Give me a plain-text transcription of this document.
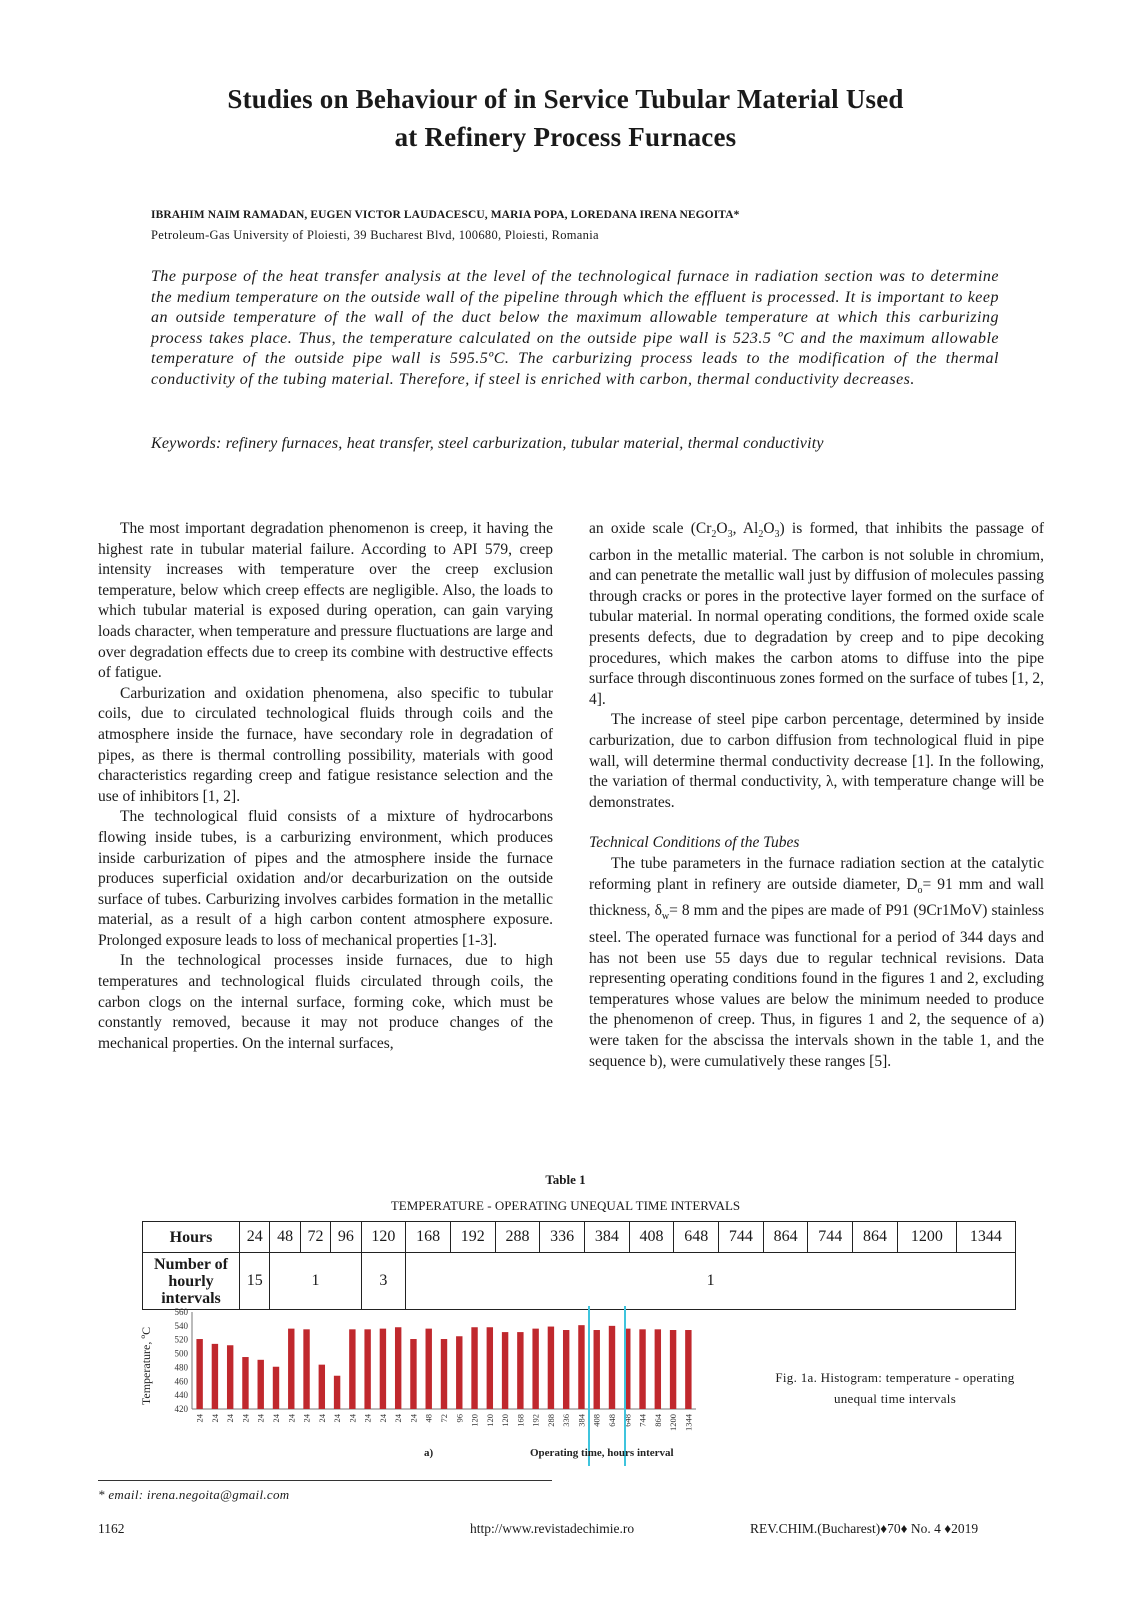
Studies on Behaviour of in Service Tubular Material Used
at Refinery Process Furnaces
IBRAHIM NAIM RAMADAN, EUGEN VICTOR LAUDACESCU, MARIA POPA, LOREDANA IRENA NEGOITA*
Petroleum-Gas University of Ploiesti, 39 Bucharest Blvd, 100680, Ploiesti, Romania
The purpose of the heat transfer analysis at the level of the technological furnace in radiation section was to determine the medium temperature on the outside wall of the pipeline through which the effluent is processed. It is important to keep an outside temperature of the wall of the duct below the maximum allowable temperature at which this carburizing process takes place. Thus, the temperature calculated on the outside pipe wall is 523.5 ºC and the maximum allowable temperature of the outside pipe wall is 595.5ºC. The carburizing process leads to the modification of the thermal conductivity of the tubing material. Therefore, if steel is enriched with carbon, thermal conductivity decreases.
Keywords: refinery furnaces, heat transfer, steel carburization, tubular material, thermal conductivity

The most important degradation phenomenon is creep, it having the highest rate in tubular material failure. According to API 579, creep intensity increases with temperature over the creep exclusion temperature, below which creep effects are negligible. Also, the loads to which tubular material is exposed during operation, can gain varying loads character, when temperature and pressure fluctuations are large and over degradation effects due to creep its combine with destructive effects of fatigue.

Carburization and oxidation phenomena, also specific to tubular coils, due to circulated technological fluids through coils and the atmosphere inside the furnace, have secondary role in degradation of pipes, as there is thermal controlling possibility, materials with good characteristics regarding creep and fatigue resistance selection and the use of inhibitors [1, 2].

The technological fluid consists of a mixture of hydrocarbons flowing inside tubes, is a carburizing environment, which produces inside carburization of pipes and the atmosphere inside the furnace produces superficial oxidation and/or decarburization on the outside surface of tubes. Carburizing involves carbides formation in the metallic material, as a result of a high carbon content atmosphere exposure. Prolonged exposure leads to loss of mechanical properties [1-3].

In the technological processes inside furnaces, due to high temperatures and technological fluids circulated through coils, the carbon clogs on the internal surface, forming coke, which must be constantly removed, because it may not produce changes of the mechanical properties. On the internal surfaces,

an oxide scale ($Cr_2O_3$, $Al_2O_3$) is formed, that inhibits the passage of carbon in the metallic material. The carbon is not soluble in chromium, and can penetrate the metallic wall just by diffusion of molecules passing through cracks or pores in the protective layer formed on the surface of tubular material. In normal operating conditions, the formed oxide scale presents defects, due to degradation by creep and to pipe decoking procedures, which makes the carbon atoms to diffuse into the pipe surface through discontinuous zones formed on the surface of tubes [1, 2, 4].

The increase of steel pipe carbon percentage, determined by inside carburization, due to carbon diffusion from technological fluid in pipe wall, will determine thermal conductivity decrease [1]. In the following, the variation of thermal conductivity, λ, with temperature change will be demonstrates.

Technical Conditions of the Tubes

The tube parameters in the furnace radiation section at the catalytic reforming plant in refinery are outside diameter, $D_o= 91$ mm and wall thickness, $\delta_w= 8$ mm and the pipes are made of P91 (9Cr1MoV) stainless steel. The operated furnace was functional for a period of 344 days and has not been use 55 days due to regular technical revisions. Data representing operating conditions found in the figures 1 and 2, excluding temperatures whose values are below the minimum needed to produce the phenomenon of creep. Thus, in figures 1 and 2, the sequence of a) were taken for the abscissa the intervals shown in the table 1, and the sequence b), were cumulatively these ranges [5].

Table 1
TEMPERATURE - OPERATING UNEQUAL TIME INTERVALS
Hours	24	48	72	96	120	168	192	288	336	384	408	648	744	864	744	864	1200	1344
Number of hourly intervals	15	1			3	1												
Temperature, ºC
560
540
520
500
480
460
440
420
24 24 24 24 24 24 24 24 24 24 24 24 24 24 24 48 72 96 120 120 120 168 192 288 336 384 408 648 648 744 864 1200 1344
a)	Operating time, hours interval
Fig. 1a. Histogram: temperature - operating
unequal time intervals
* email: irena.negoita@gmail.com
1162	http://www.revistadechimie.ro	REV.CHIM.(Bucharest)♦70♦ No. 4 ♦2019
